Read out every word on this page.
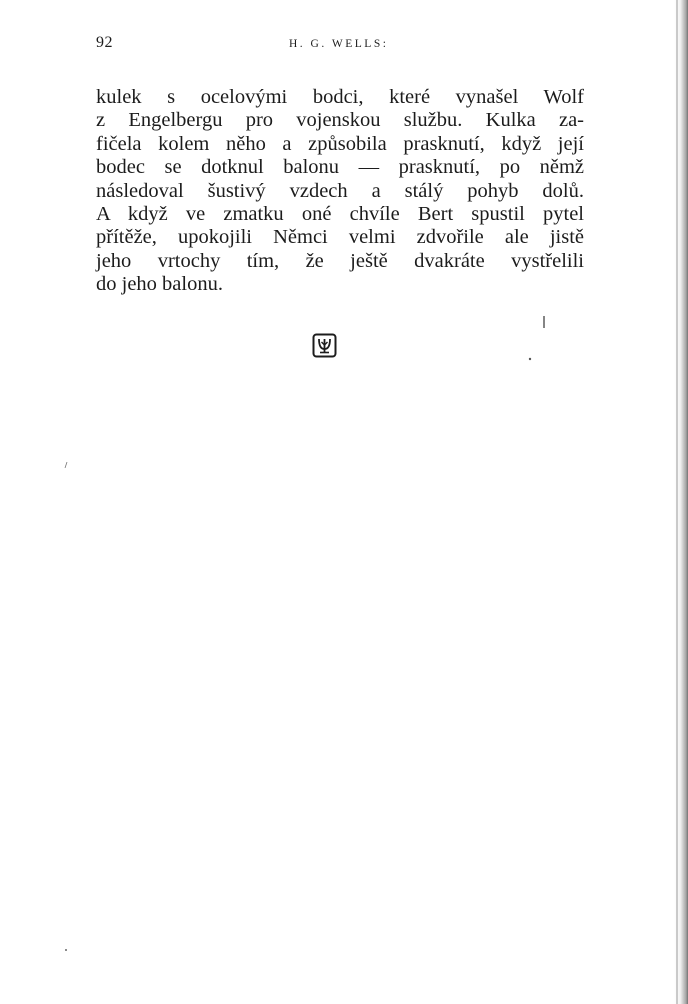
92	H. G. WELLS:
kulek s ocelovými bodci, které vynašel Wolf
z Engelbergu pro vojenskou službu. Kulka za-
fičela kolem něho a způsobila prasknutí, když její
bodec se dotknul balonu — prasknutí, po němž
následoval šustivý vzdech a stálý pohyb dolů.
A když ve zmatku oné chvíle Bert spustil pytel
přítěže, upokojili Němci velmi zdvořile ale jistě
jeho vrtochy tím, že ještě dvakráte vystřelili
do jeho balonu.
